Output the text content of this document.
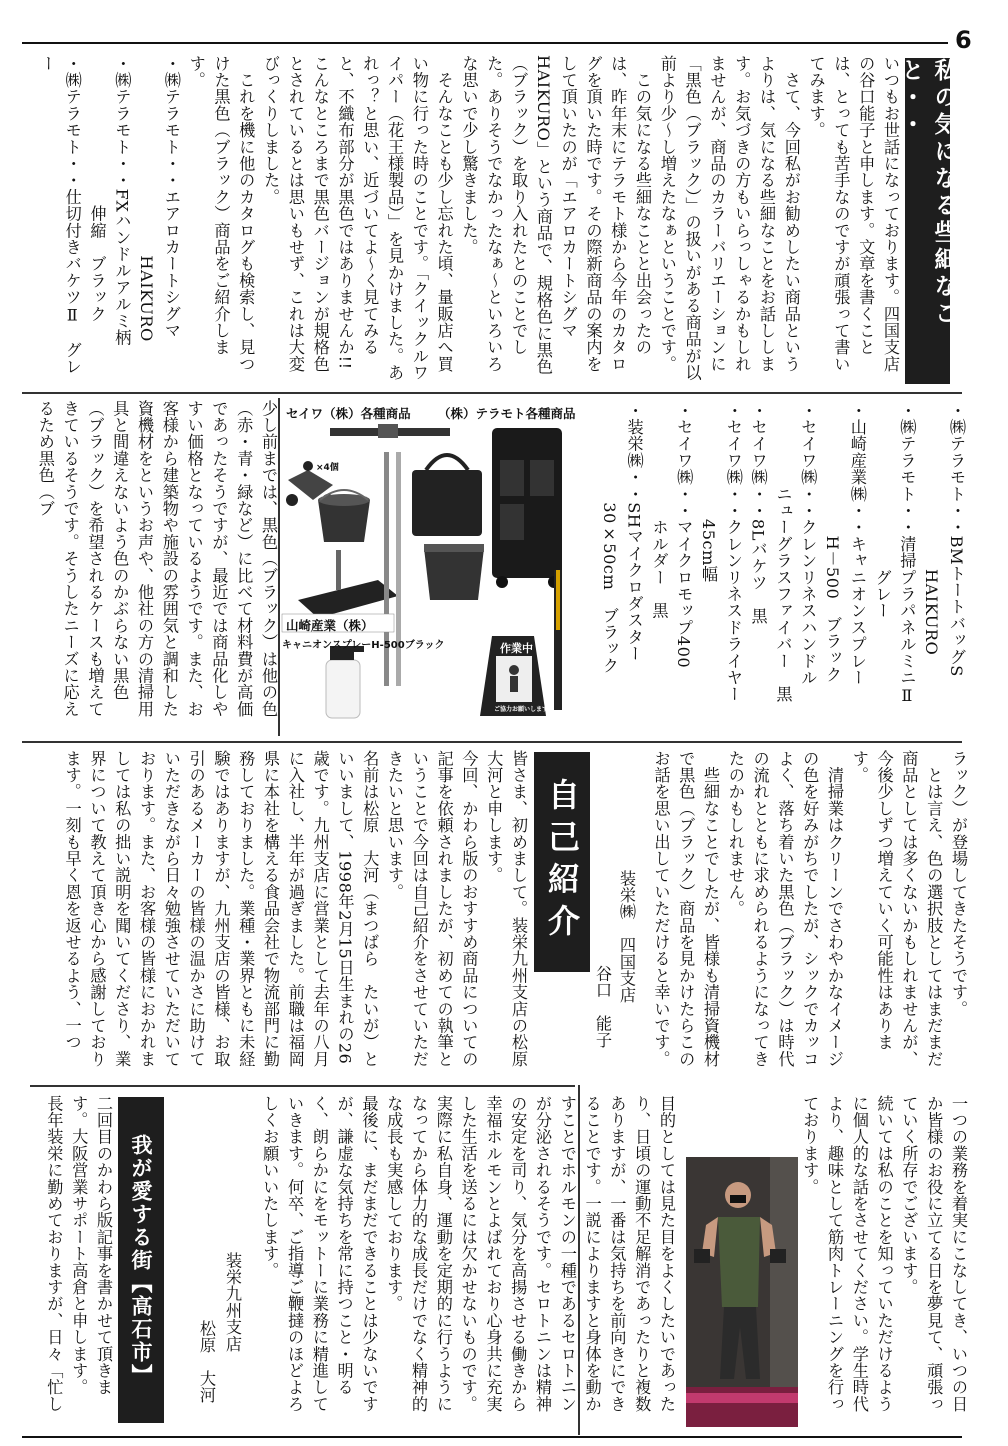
6
私の気になる些細なこと・・
いつもお世話になっております。四国支店の谷口能子と申します。文章を書くことは、とっても苦手なのですが頑張って書いてみます。
　さて、今回私がお勧めしたい商品というよりは、気になる些細なことをお話しします。お気づきの方もいらっしゃるかもしれませんが、商品のカラーバリエーションに「黒色（ブラック）」の扱いがある商品が以前より少～し増えたなぁということです。
　この気になる些細なことと出会ったのは、昨年末にテラモト様から今年のカタログを頂いた時です。その際新商品の案内をして頂いたのが「エアロカートシグマHAIKURO」という商品で、規格色に黒色（ブラック）を取り入れたとのことでした。ありそうでなかったなぁ～といろいろな思いで少し驚きました。
　そんなことも少し忘れた頃、量販店へ買い物に行った時のことです。「クイックルワイパー（花王様製品）」を見かけました。あれっ？と思い、近づいてよ～く見てみると、不織布部分が黒色ではありませんか!!こんなところまで黒色バージョンが規格色とされているとは思いもせず、これは大変びっくりしました。
　これを機に他のカタログも検索し、見つけた黒色（ブラック）商品をご紹介します。
・㈱テラモト・・エアロカートシグマ
　　　　　　　　　　　　HAIKURO
・㈱テラモト・・FXハンドルアルミ柄
　　　　　　　　　伸縮　ブラック
・㈱テラモト・・仕切付きバケツⅡ　グレー
・㈱テラモト・・BMトートバッグS
　　　　　　　　　　HAIKURO
・㈱テラモト・・清掃プラパネルミニⅡ
　　　　　　　　　　グレー
・山崎産業㈱・・キャニオンスプレー
　　　　　　　　H－500　ブラック
・セイワ㈱・・クレンリネスハンドル
　　　　　ニューグラスファイバー　黒
・セイワ㈱・・8Lバケツ　黒
・セイワ㈱・・クレンリネスドライヤー
　　　　　　　45cm幅
・セイワ㈱・・マイクロモップ400
　　　　　　　ホルダー　黒
・装栄㈱・・SHマイクロダスター
　　　　　　30×50cm　ブラック
セイワ（株）各種商品 （株）テラモト各種商品
×4個
山崎産業（株）
キャニオンスプレーH-500ブラック	作業中
ご協力お願いします
少し前までは、黒色（ブラック）は他の色（赤・青・緑など）に比べて材料費が高価であったそうですが、最近では商品化しやすい価格となっているようです。また、お客様から建築物や施設の雰囲気と調和した資機材をというお声や、他社の方の清掃用具と間違えないよう色のかぶらない黒色（ブラック）を希望されるケースも増えてきているそうです。そうしたニーズに応えるため黒色（ブ
ラック）が登場してきたそうです。
　とは言え、色の選択肢としてはまだまだ商品としては多くないかもしれませんが、今後少しずつ増えていく可能性はあります。
　清掃業はクリーンでさわやかなイメージの色を好みがちでしたが、シックでカッコよく、落ち着いた黒色（ブラック）は時代の流れとともに求められるようになってきたのかもしれません。
　些細なことでしたが、皆様も清掃資機材で黒色（ブラック）商品を見かけたらこのお話を思い出していただけると幸いです。
装栄㈱　四国支店
谷口　能子
自己紹介
皆さま、初めまして。装栄九州支店の松原大河と申します。
今回、かわら版のおすすめ商品についての記事を依頼されましたが、初めての執筆ということで今回は自己紹介をさせていただきたいと思います。
名前は松原　大河（まつばら　たいが）といいまして、1998年2月15日生まれの26歳です。九州支店に営業として去年の八月に入社し、半年が過ぎました。前職は福岡県に本社を構える食品会社で物流部門に勤務しておりました。業種・業界ともに未経験ではありますが、九州支店の皆様、お取引のあるメーカーの皆様の温かさに助けていただきながら日々勉強させていただいております。また、お客様の皆様におかれましては私の拙い説明を聞いてくださり、業界について教えて頂き心から感謝しております。一刻も早く恩を返せるよう、一つ
一つの業務を着実にこなしてき、いつの日か皆様のお役に立てる日を夢見て、頑張っていく所存でございます。
続いては私のことを知っていただけるように個人的な話をさせてください。学生時代より、趣味として筋肉トレーニングを行っております。
目的としては見た目をよくしたいであったり、日頃の運動不足解消であったりと複数ありますが、一番は気持ちを前向きにできることです。一説によりますと身体を動かすことでホルモンの一種であるセロトニンが分泌されるそうです。セロトニンは精神の安定を司り、気分を高揚させる働きから幸福ホルモンとよばれており心身共に充実した生活を送るには欠かせないものです。実際に私自身、運動を定期的に行うようになってから体力的な成長だけでなく精神的な成長も実感しております。
最後に、まだまだできることは少ないですが、謙虚な気持ちを常に持つこと・明るく、朗らかにをモットーに業務に精進していきます。何卒、ご指導ご鞭撻のほどよろしくお願いいたします。
装栄九州支店
松原　大河
我が愛する街【高石市】
二回目のかわら版記事を書かせて頂きます。大阪営業サポート高倉と申します。
長年装栄に勤めておりますが、日々「忙し
